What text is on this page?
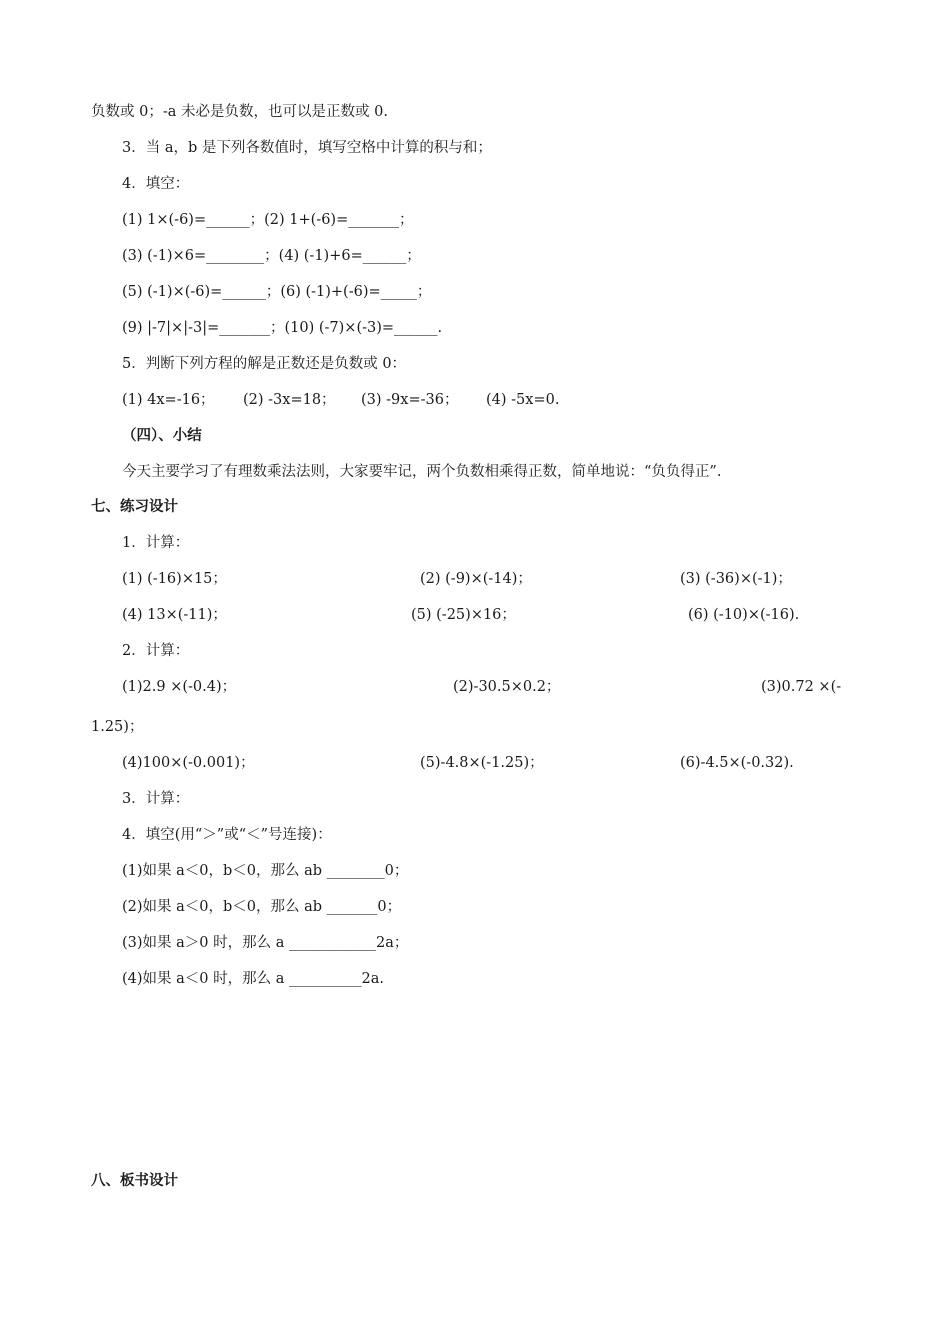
负数或 0；-a 未必是负数，也可以是正数或 0.
3．当 a，b 是下列各数值时，填写空格中计算的积与和；
4．填空：
(1) 1×(-6)=______；(2) 1+(-6)=_______；
(3) (-1)×6=________；(4) (-1)+6=______；
(5) (-1)×(-6)=______；(6) (-1)+(-6)=_____；
(9) |-7|×|-3|=_______；(10) (-7)×(-3)=______.
5．判断下列方程的解是正数还是负数或 0：
(1) 4x=-16； (2) -3x=18； (3) -9x=-36； (4) -5x=0.
（四）、小结
今天主要学习了有理数乘法法则，大家要牢记，两个负数相乘得正数，简单地说：“负负得正”.
七、练习设计
1．计算：
(1) (-16)×15；	(2) (-9)×(-14)；	(3) (-36)×(-1)；
(4) 13×(-11)；	(5) (-25)×16；	(6) (-10)×(-16).
2．计算：
(1)2.9 ×(-0.4)；	(2)-30.5×0.2；	(3)0.72 ×(-
1.25)；
(4)100×(-0.001)；	(5)-4.8×(-1.25)；	(6)-4.5×(-0.32).
3．计算：
4．填空(用“＞”或“＜”号连接)：
(1)如果 a＜0，b＜0，那么 ab ________0；
(2)如果 a＜0，b＜0，那么 ab _______0；
(3)如果 a＞0 时，那么 a ____________2a；
(4)如果 a＜0 时，那么 a __________2a.
八、板书设计
